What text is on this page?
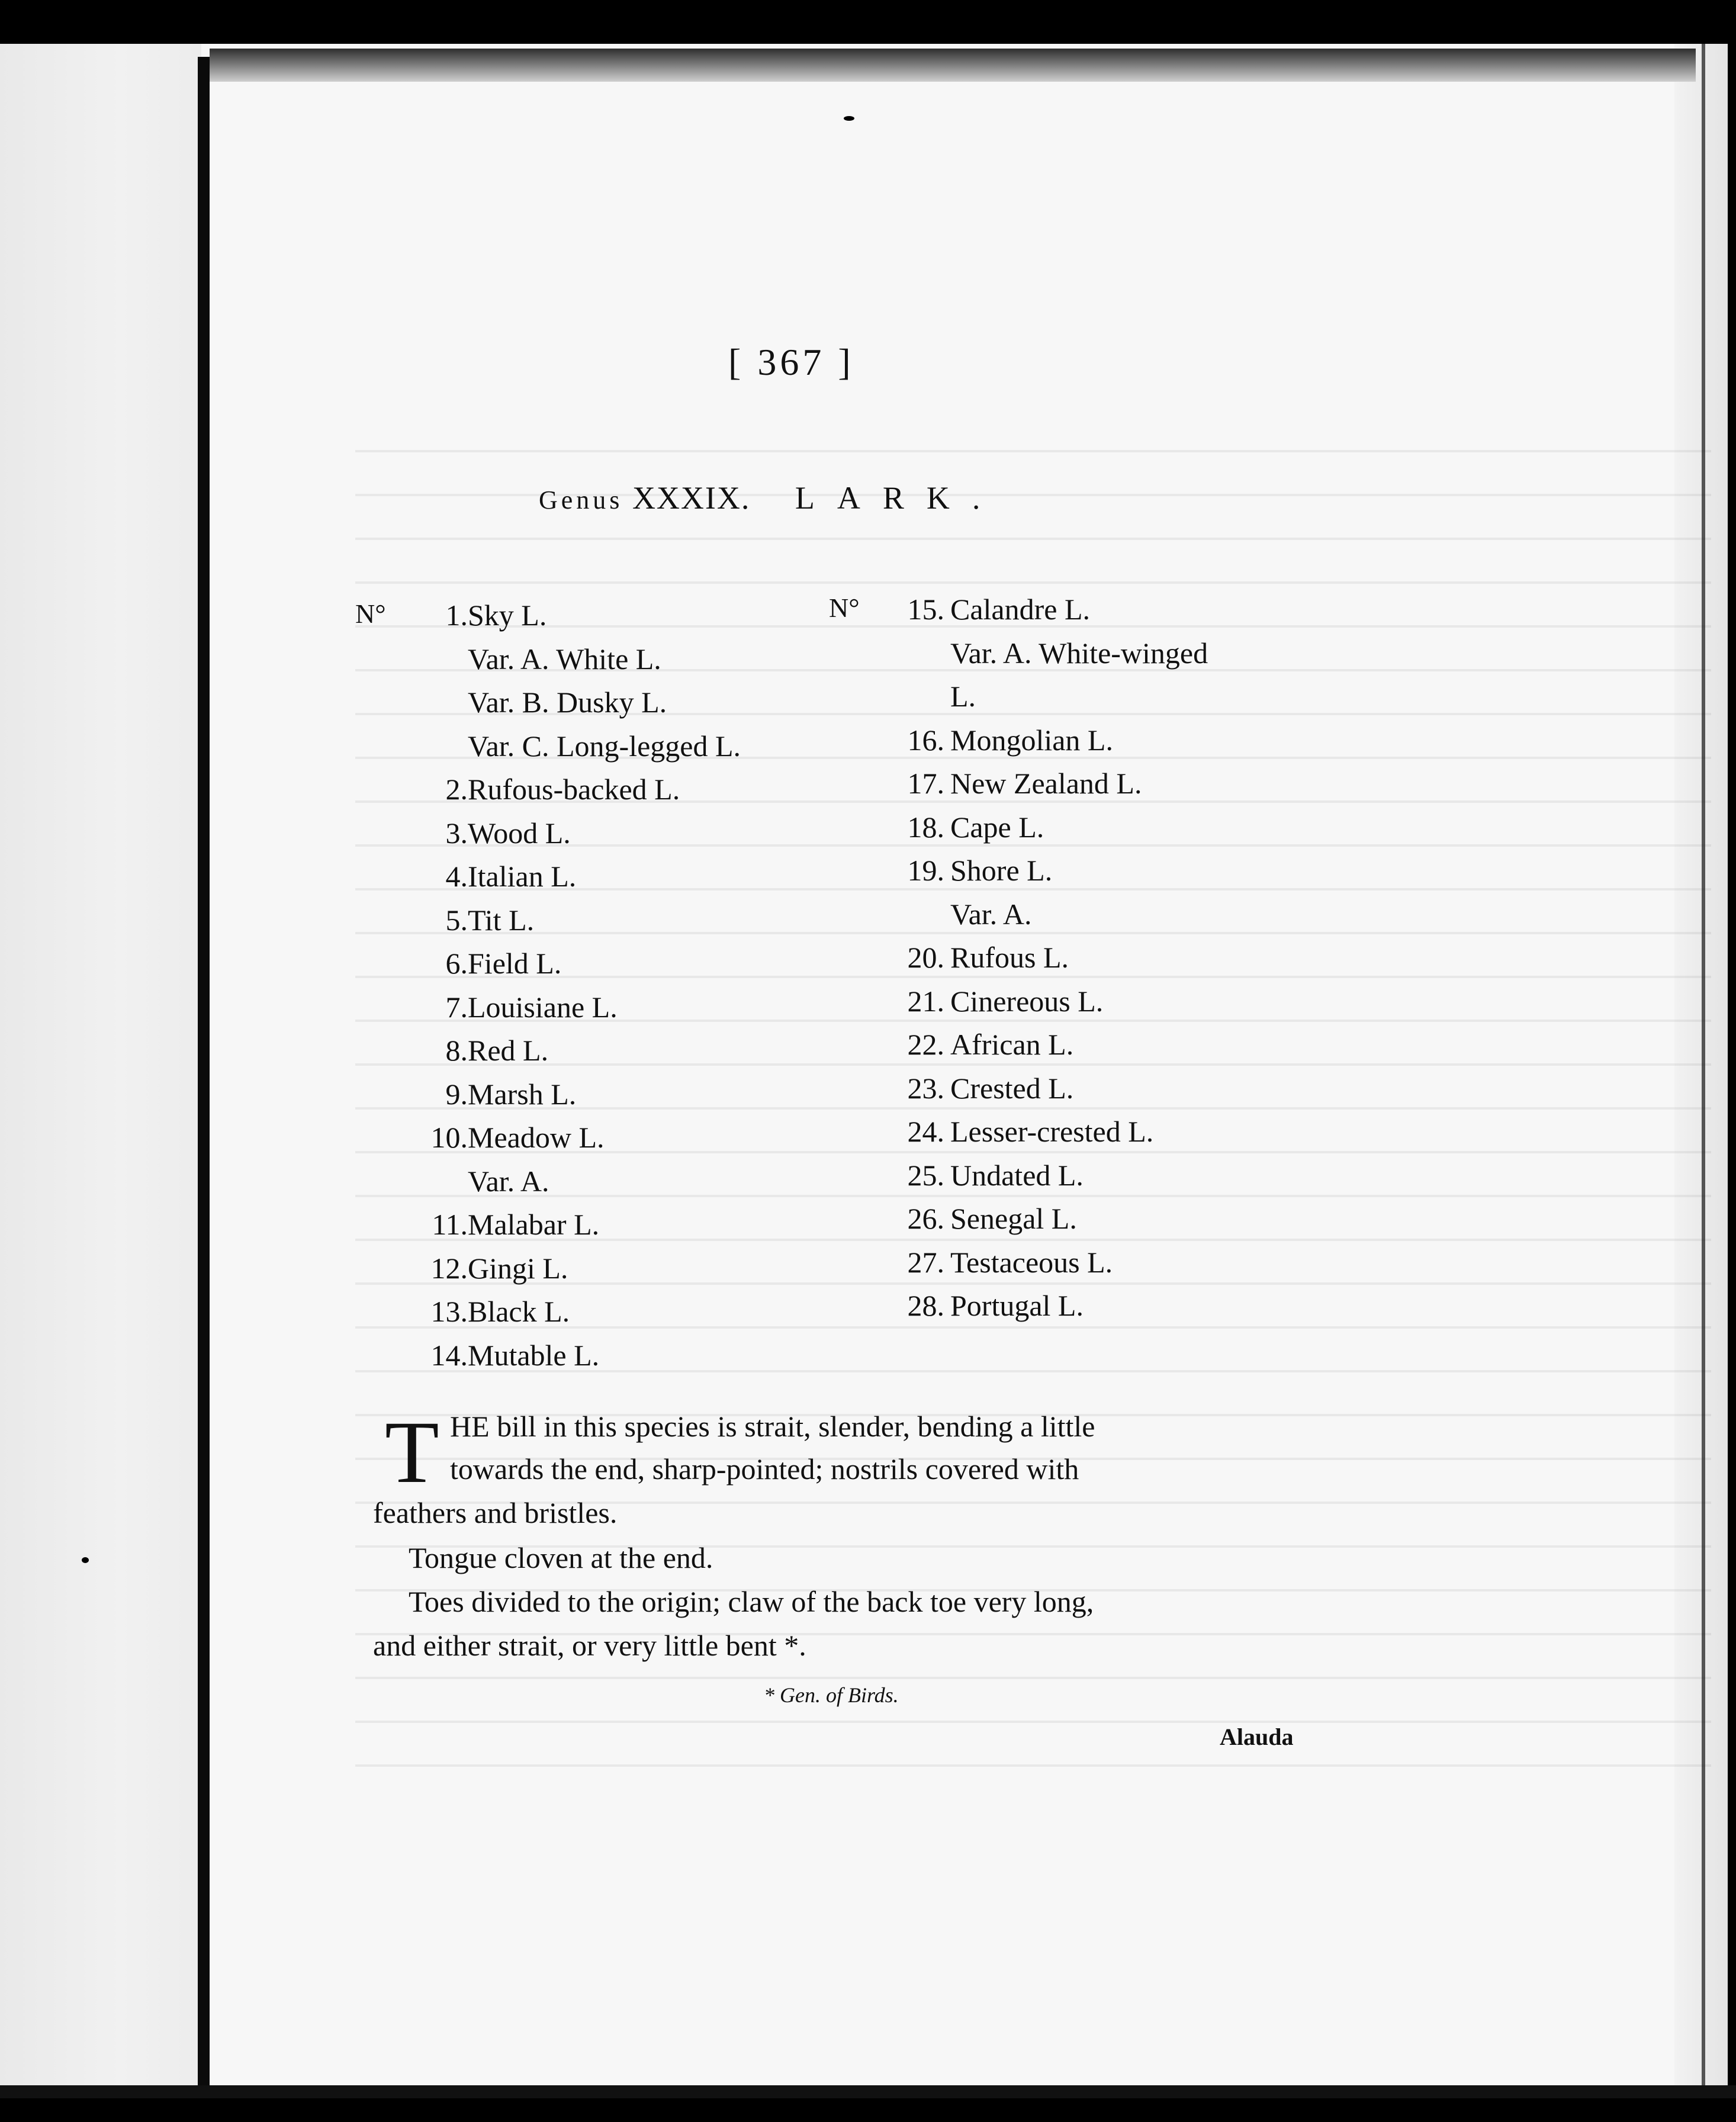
[ 367 ]
Genus XXXIX. LARK.
N°	1. Sky L.
Var. A. White L.
Var. B. Dusky L.
Var. C. Long-legged L.
2. Rufous-backed L.
3. Wood L.
4. Italian L.
5. Tit L.
6. Field L.
7. Louisiane L.
8. Red L.
9. Marsh L.
10. Meadow L.
Var. A.
11. Malabar L.
12. Gingi L.
13. Black L.
14. Mutable L.
N°	15. Calandre L.
Var. A. White-winged
L.
16. Mongolian L.
17. New Zealand L.
18. Cape L.
19. Shore L.
Var. A.
20. Rufous L.
21. Cinereous L.
22. African L.
23. Crested L.
24. Lesser-crested L.
25. Undated L.
26. Senegal L.
27. Testaceous L.
28. Portugal L.
T HE bill in this species is strait, slender, bending a little
towards the end, sharp-pointed; nostrils covered with
feathers and bristles.
Tongue cloven at the end.
Toes divided to the origin; claw of the back toe very long,
and either strait, or very little bent *.
* Gen. of Birds.
Alauda
